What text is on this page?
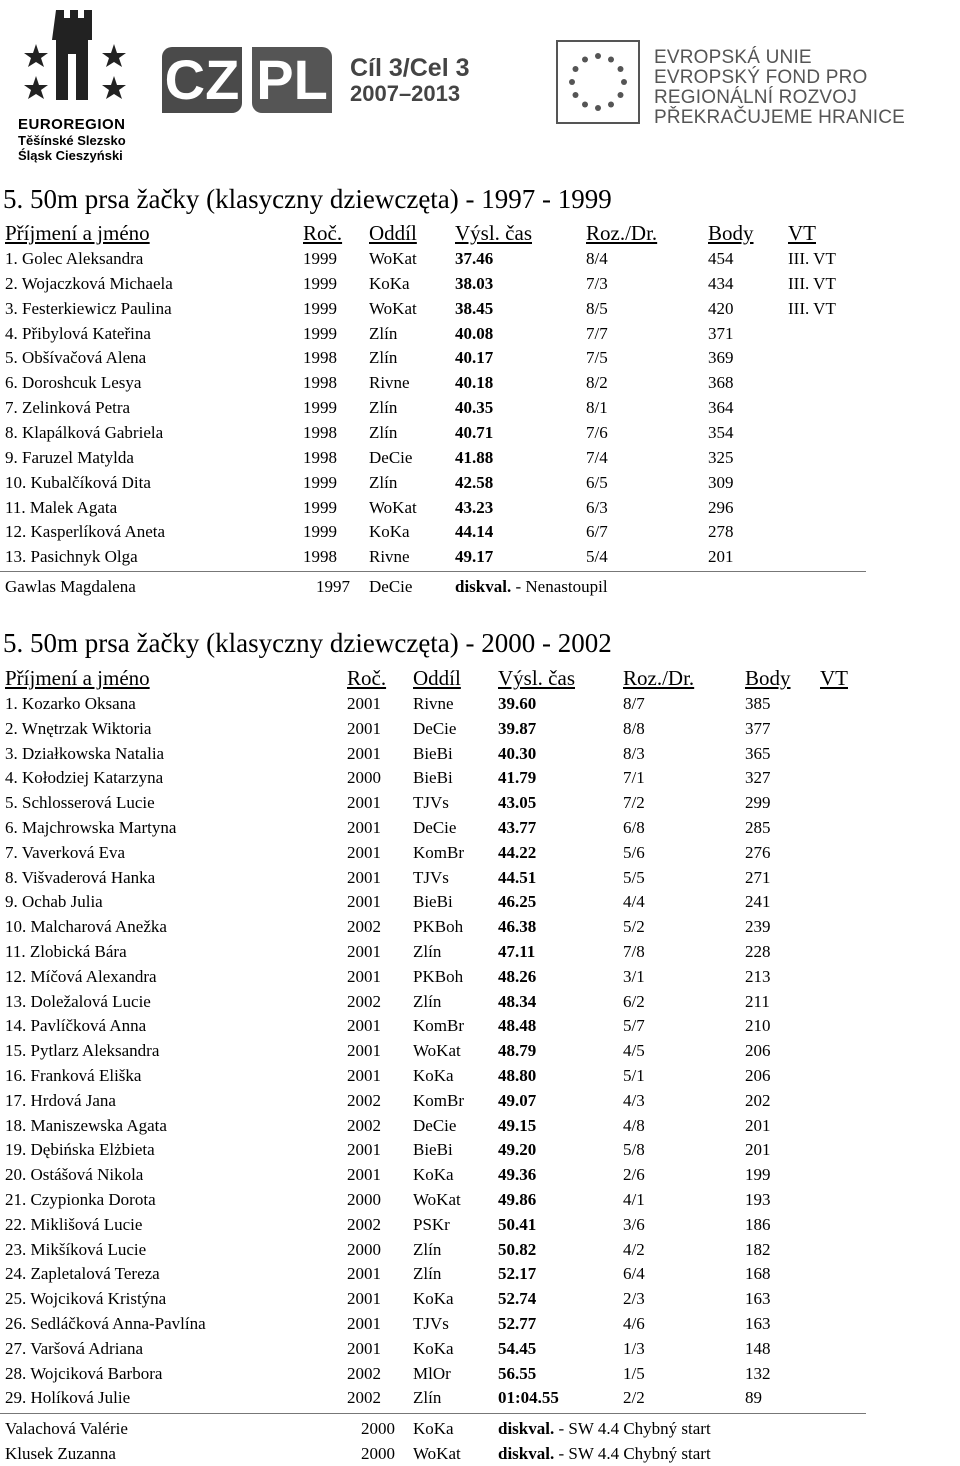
EUROREGION
Těšínské Slezsko
Śląsk Cieszyński
CZ PL Cíl 3/Cel 3
2007–2013
EVROPSKÁ UNIE
EVROPSKÝ FOND PRO REGIONÁLNÍ ROZVOJ
PŘEKRAČUJEME HRANICE
5. 50m prsa žačky (klasyczny dziewczęta) - 1997 - 1999
Příjmení a jméno	Roč. Oddíl Výsl. čas	Roz./Dr. Body VT
1. Golec Aleksandra	1999 WoKat 37.46	8/4	454	III. VT
2. Wojaczková Michaela	1999 KoKa	38.03	7/3	434	III. VT
3. Festerkiewicz Paulina	1999 WoKat 38.45	8/5	420	III. VT
4. Přibylová Kateřina	1999 Zlín	40.08	7/7	371
5. Obšívačová Alena	1998 Zlín	40.17	7/5	369
6. Doroshcuk Lesya	1998 Rivne	40.18	8/2	368
7. Zelinková Petra	1999 Zlín	40.35	8/1	364
8. Klapálková Gabriela	1998 Zlín	40.71	7/6	354
9. Faruzel Matylda	1998 DeCie	41.88	7/4	325
10. Kubalčíková Dita	1999 Zlín	42.58	6/5	309
11. Malek Agata	1999 WoKat 43.23	6/3	296
12. Kasperlíková Aneta	1999 KoKa	44.14	6/7	278
13. Pasichnyk Olga	1998 Rivne	49.17	5/4	201
Gawlas Magdalena	1997 DeCie	diskval. - Nenastoupil
5. 50m prsa žačky (klasyczny dziewczęta) - 2000 - 2002
Příjmení a jméno	Roč. Oddíl Výsl. čas Roz./Dr. Body VT
1. Kozarko Oksana	2001 Rivne	39.60	8/7	385
2. Wnętrzak Wiktoria	2001 DeCie 39.87	8/8	377
3. Działkowska Natalia	2001 BieBi	40.30	8/3	365
4. Kołodziej Katarzyna	2000 BieBi	41.79	7/1	327
5. Schlosserová Lucie	2001 TJVs	43.05	7/2	299
6. Majchrowska Martyna	2001 DeCie 43.77	6/8	285
7. Vaverková Eva	2001 KomBr 44.22	5/6	276
8. Višvaderová Hanka	2001 TJVs	44.51	5/5	271
9. Ochab Julia	2001 BieBi	46.25	4/4	241
10. Malcharová Anežka	2002 PKBoh 46.38	5/2	239
11. Zlobická Bára	2001 Zlín	47.11	7/8	228
12. Míčová Alexandra	2001 PKBoh 48.26	3/1	213
13. Doležalová Lucie	2002 Zlín	48.34	6/2	211
14. Pavlíčková Anna	2001 KomBr 48.48	5/7	210
15. Pytlarz Aleksandra	2001 WoKat 48.79	4/5	206
16. Franková Eliška	2001 KoKa	48.80	5/1	206
17. Hrdová Jana	2002 KomBr 49.07	4/3	202
18. Maniszewska Agata	2002 DeCie 49.15	4/8	201
19. Dębińska Elżbieta	2001 BieBi	49.20	5/8	201
20. Ostášová Nikola	2001 KoKa	49.36	2/6	199
21. Czypionka Dorota	2000 WoKat 49.86	4/1	193
22. Miklišová Lucie	2002 PSKr	50.41	3/6	186
23. Mikšíková Lucie	2000 Zlín	50.82	4/2	182
24. Zapletalová Tereza	2001 Zlín	52.17	6/4	168
25. Wojciková Kristýna	2001 KoKa	52.74	2/3	163
26. Sedláčková Anna-Pavlína	2001 TJVs	52.77	4/6	163
27. Varšová Adriana	2001 KoKa	54.45	1/3	148
28. Wojciková Barbora	2002 MlOr	56.55	1/5	132
29. Holíková Julie	2002 Zlín	01:04.55	2/2	89
Valachová Valérie	2000 KoKa	diskval. - SW 4.4 Chybný start
Klusek Zuzanna	2000 WoKat diskval. - SW 4.4 Chybný start
